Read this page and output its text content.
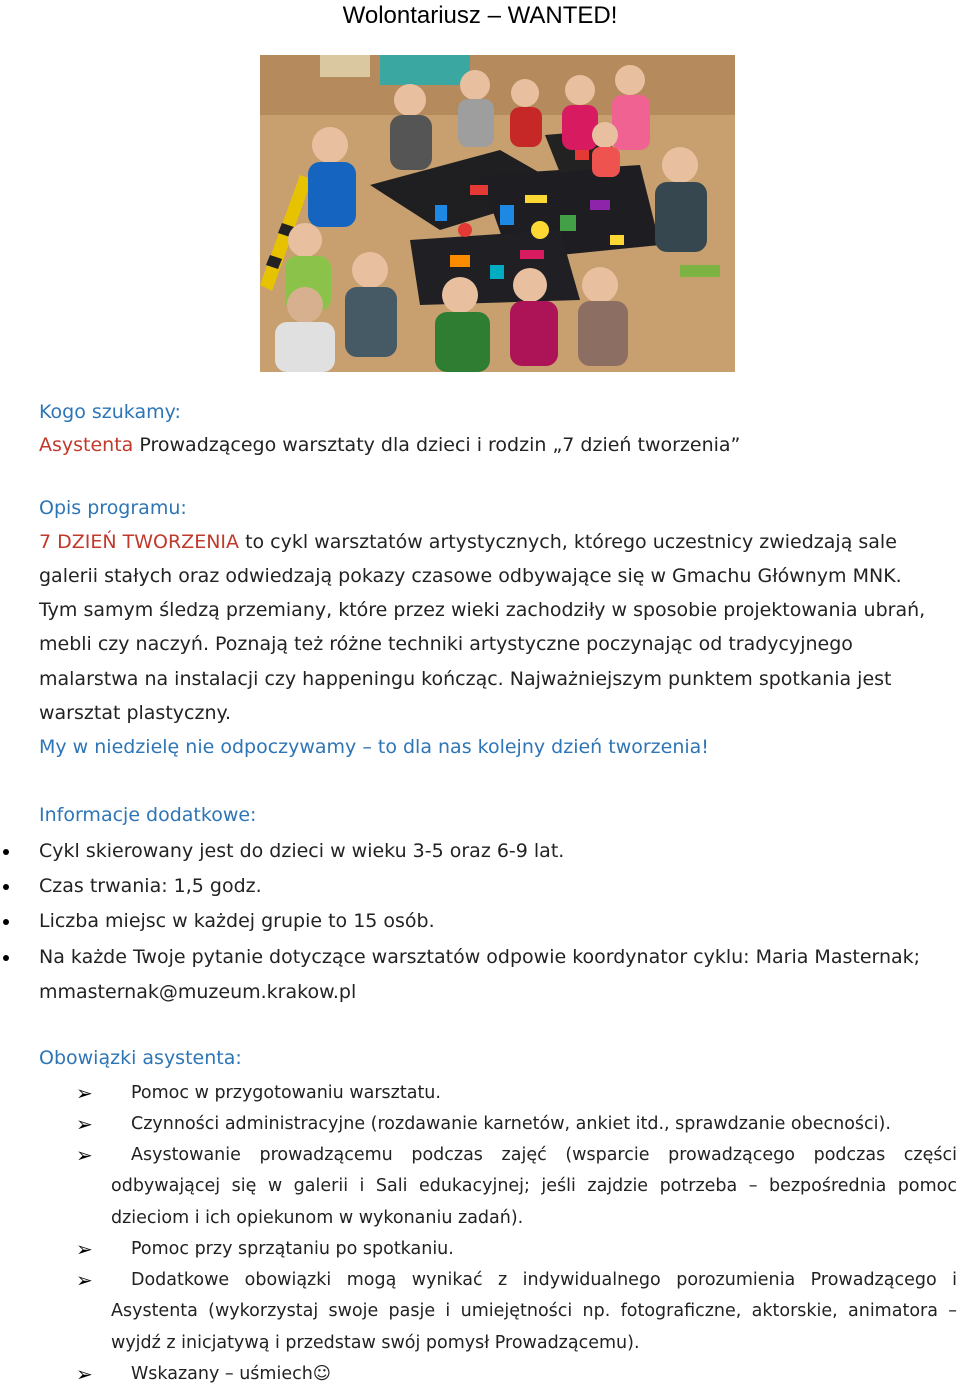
Wolontariusz – WANTED!
Kogo szukamy:
Asystenta Prowadzącego warsztaty dla dzieci i rodzin „7 dzień tworzenia”
Opis programu:
7 DZIEŃ TWORZENIA to cykl warsztatów artystycznych, którego uczestnicy zwiedzają sale
galerii stałych oraz odwiedzają pokazy czasowe odbywające się w Gmachu Głównym MNK.
Tym samym śledzą przemiany, które przez wieki zachodziły w sposobie projektowania ubrań,
mebli czy naczyń. Poznają też różne techniki artystyczne poczynając od tradycyjnego
malarstwa na instalacji czy happeningu kończąc. Najważniejszym punktem spotkania jest
warsztat plastyczny.
My w niedzielę nie odpoczywamy – to dla nas kolejny dzień tworzenia!
Informacje dodatkowe:
Cykl skierowany jest do dzieci w wieku 3-5 oraz 6-9 lat.
Czas trwania: 1,5 godz.
Liczba miejsc w każdej grupie to 15 osób.
Na każde Twoje pytanie dotyczące warsztatów odpowie koordynator cyklu: Maria Masternak; mmasternak@muzeum.krakow.pl
Obowiązki asystenta:
➢	Pomoc w przygotowaniu warsztatu.
➢	Czynności administracyjne (rozdawanie karnetów, ankiet itd., sprawdzanie obecności).
➢	Asystowanie prowadzącemu podczas zajęć (wsparcie prowadzącego podczas części odbywającej się w galerii i Sali edukacyjnej; jeśli zajdzie potrzeba – bezpośrednia pomoc dzieciom i ich opiekunom w wykonaniu zadań).
➢	Pomoc przy sprzątaniu po spotkaniu.
➢	Dodatkowe obowiązki mogą wynikać z indywidualnego porozumienia Prowadzącego i Asystenta (wykorzystaj swoje pasje i umiejętności np. fotograficzne, aktorskie, animatora – wyjdź z inicjatywą i przedstaw swój pomysł Prowadzącemu).
➢	Wskazany – uśmiech☺
